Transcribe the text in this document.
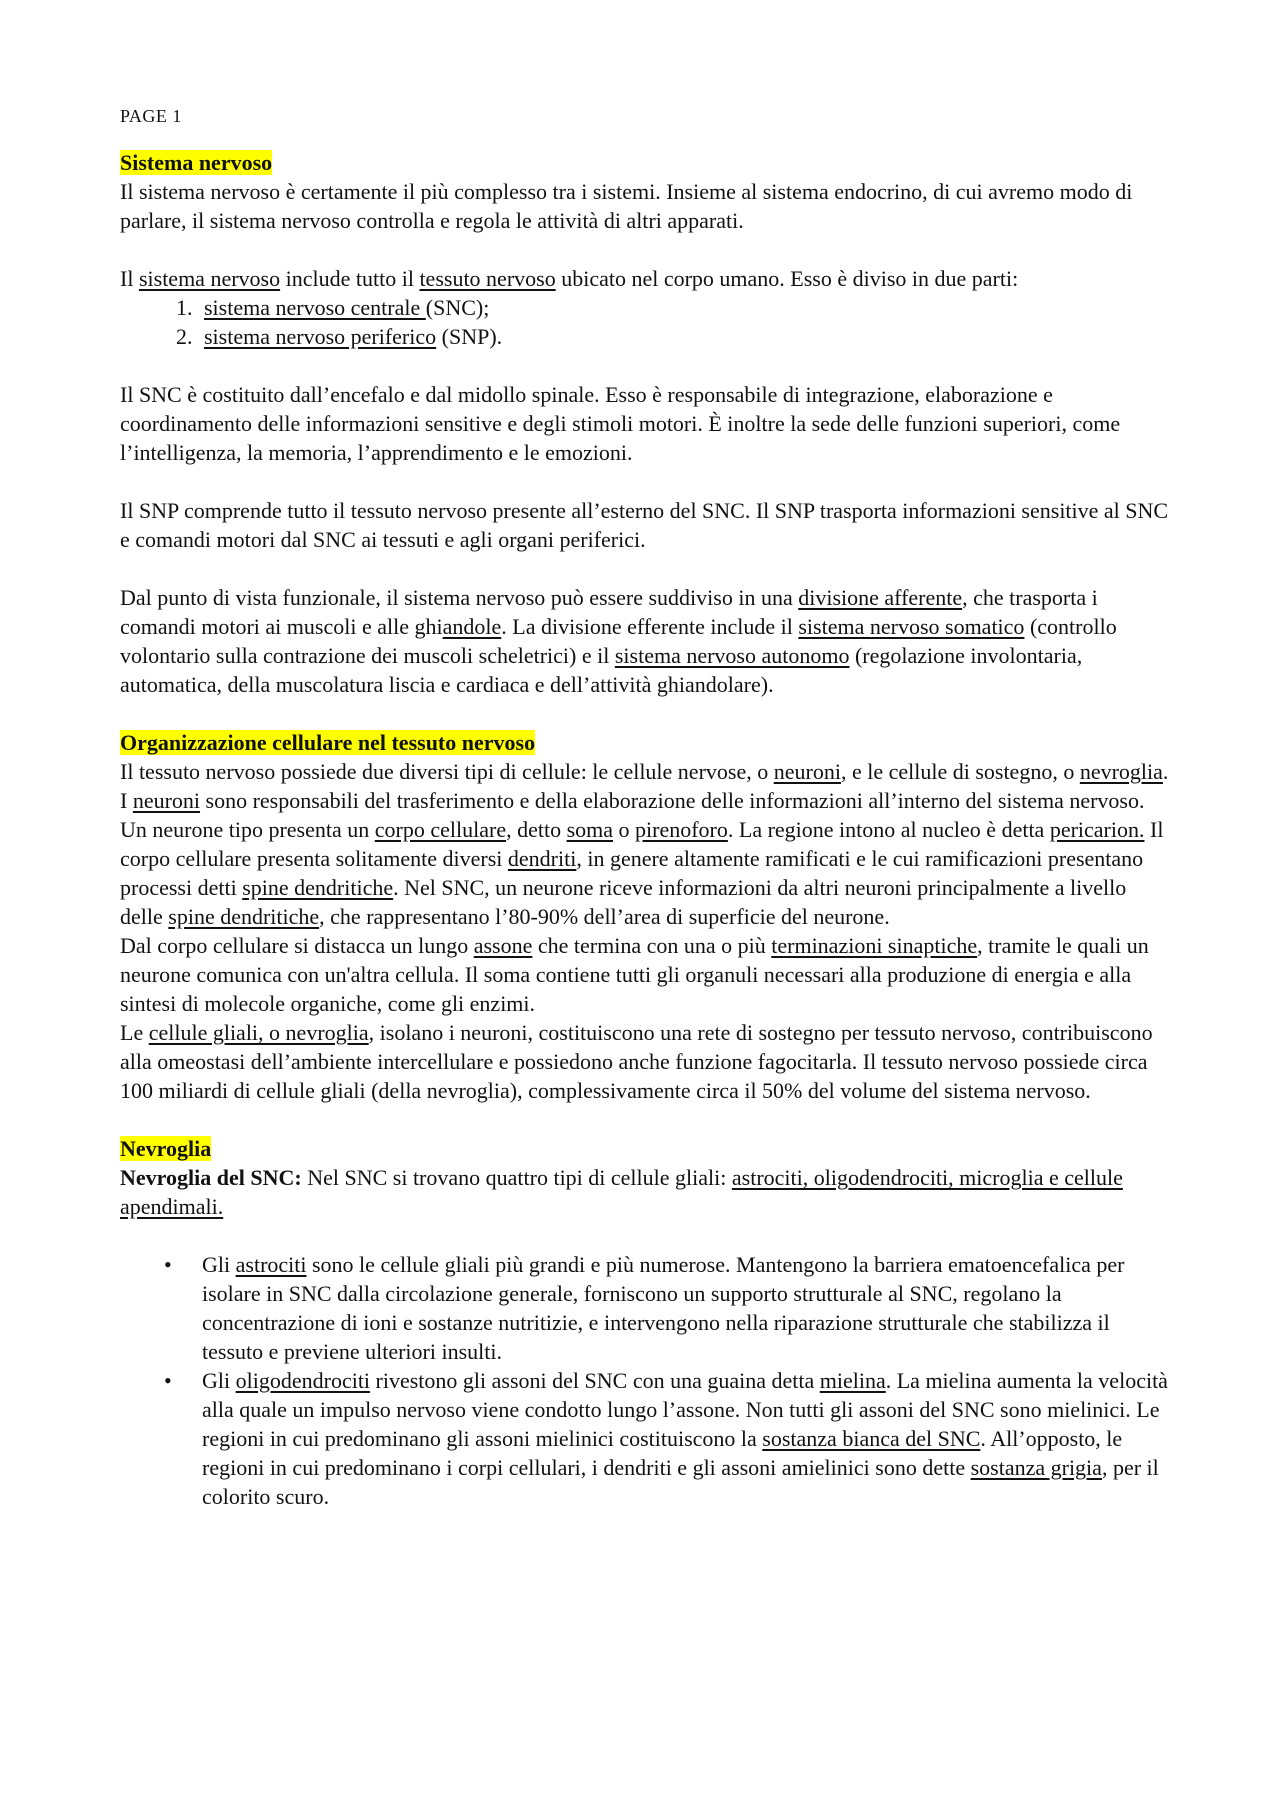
PAGE 1

Sistema nervoso

Il sistema nervoso è certamente il più complesso tra i sistemi. Insieme al sistema endocrino, di cui avremo modo di parlare, il sistema nervoso controlla e regola le attività di altri apparati.

Il sistema nervoso include tutto il tessuto nervoso ubicato nel corpo umano. Esso è diviso in due parti:

1. sistema nervoso centrale (SNC);
2. sistema nervoso periferico (SNP).

Il SNC è costituito dall’encefalo e dal midollo spinale. Esso è responsabile di integrazione, elaborazione e coordinamento delle informazioni sensitive e degli stimoli motori. È inoltre la sede delle funzioni superiori, come l’intelligenza, la memoria, l’apprendimento e le emozioni.

Il SNP comprende tutto il tessuto nervoso presente all’esterno del SNC. Il SNP trasporta informazioni sensitive al SNC e comandi motori dal SNC ai tessuti e agli organi periferici.

Dal punto di vista funzionale, il sistema nervoso può essere suddiviso in una divisione afferente, che trasporta i comandi motori ai muscoli e alle ghiandole. La divisione efferente include il sistema nervoso somatico (controllo volontario sulla contrazione dei muscoli scheletrici) e il sistema nervoso autonomo (regolazione involontaria, automatica, della muscolatura liscia e cardiaca e dell’attività ghiandolare).

Organizzazione cellulare nel tessuto nervoso

Il tessuto nervoso possiede due diversi tipi di cellule: le cellule nervose, o neuroni, e le cellule di sostegno, o nevroglia. I neuroni sono responsabili del trasferimento e della elaborazione delle informazioni all’interno del sistema nervoso.

Un neurone tipo presenta un corpo cellulare, detto soma o pirenoforo. La regione intono al nucleo è detta pericarion. Il corpo cellulare presenta solitamente diversi dendriti, in genere altamente ramificati e le cui ramificazioni presentano processi detti spine dendritiche. Nel SNC, un neurone riceve informazioni da altri neuroni principalmente a livello delle spine dendritiche, che rappresentano l’80-90% dell’area di superficie del neurone.

Dal corpo cellulare si distacca un lungo assone che termina con una o più terminazioni sinaptiche, tramite le quali un neurone comunica con un'altra cellula. Il soma contiene tutti gli organuli necessari alla produzione di energia e alla sintesi di molecole organiche, come gli enzimi.

Le cellule gliali, o nevroglia, isolano i neuroni, costituiscono una rete di sostegno per tessuto nervoso, contribuiscono alla omeostasi dell’ambiente intercellulare e possiedono anche funzione fagocitarla. Il tessuto nervoso possiede circa 100 miliardi di cellule gliali (della nevroglia), complessivamente circa il 50% del volume del sistema nervoso.

Nevroglia

Nevroglia del SNC: Nel SNC si trovano quattro tipi di cellule gliali: astrociti, oligodendrociti, microglia e cellule apendimali.

• Gli astrociti sono le cellule gliali più grandi e più numerose. Mantengono la barriera ematoencefalica per isolare in SNC dalla circolazione generale, forniscono un supporto strutturale al SNC, regolano la concentrazione di ioni e sostanze nutritizie, e intervengono nella riparazione strutturale che stabilizza il tessuto e previene ulteriori insulti.
• Gli oligodendrociti rivestono gli assoni del SNC con una guaina detta mielina. La mielina aumenta la velocità alla quale un impulso nervoso viene condotto lungo l’assone. Non tutti gli assoni del SNC sono mielinici. Le regioni in cui predominano gli assoni mielinici costituiscono la sostanza bianca del SNC. All’opposto, le regioni in cui predominano i corpi cellulari, i dendriti e gli assoni amielinici sono dette sostanza grigia, per il colorito scuro.
